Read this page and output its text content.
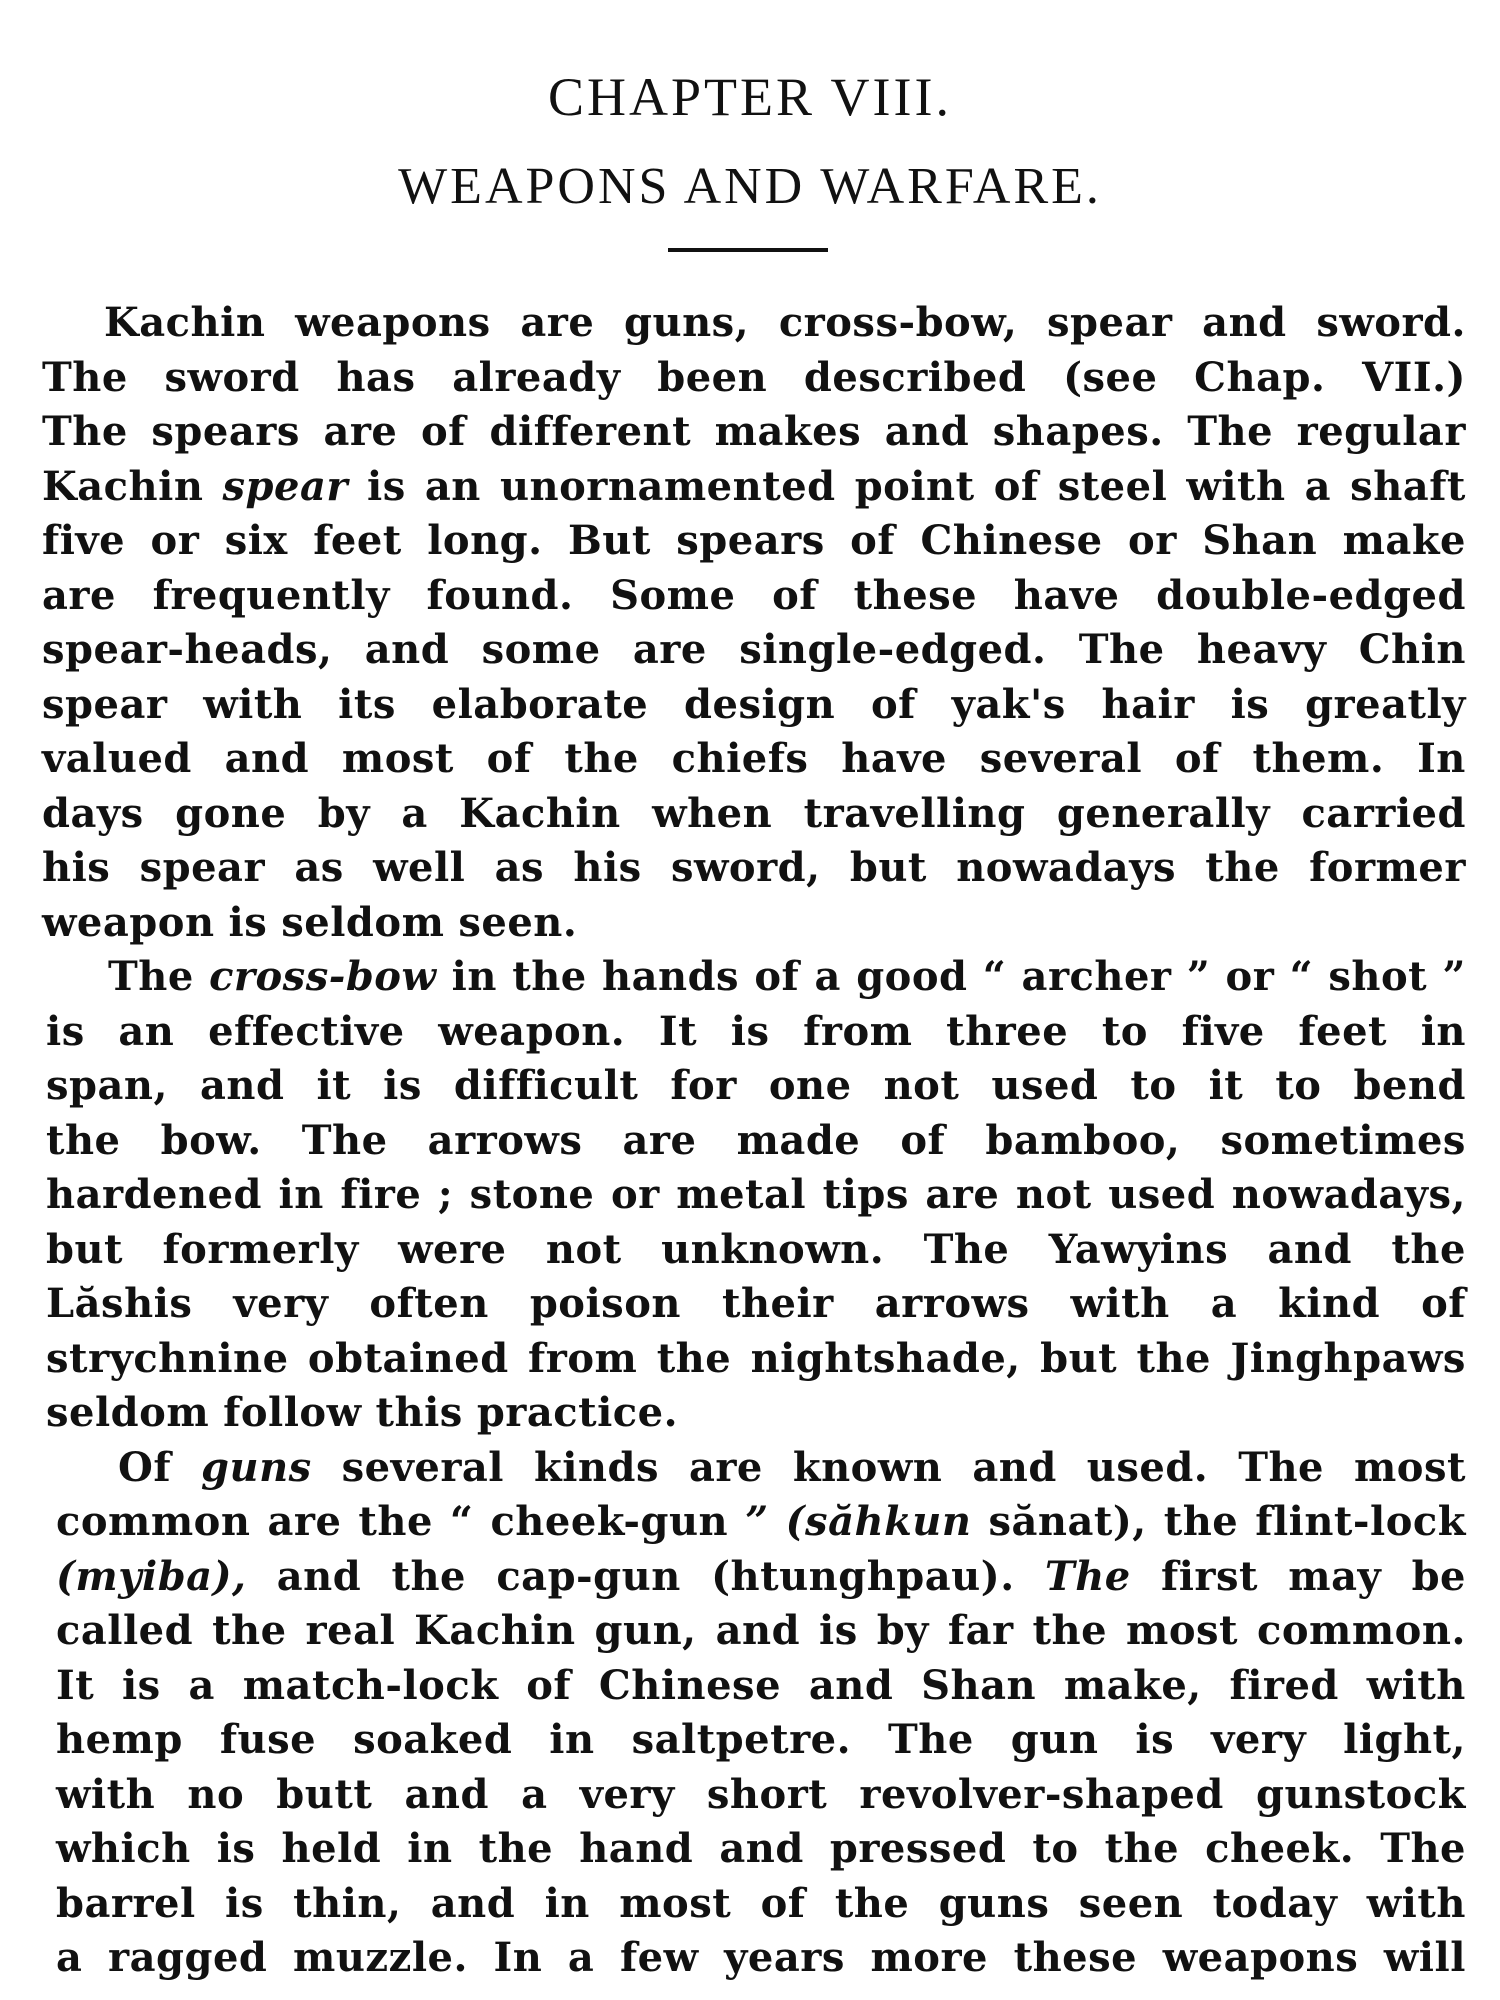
CHAPTER VIII.
WEAPONS AND WARFARE.
Kachin weapons are guns, cross-bow, spear and sword.
The sword has already been described (see Chap. VII.)
The spears are of different makes and shapes. The regular
Kachin spear is an unornamented point of steel with a shaft
five or six feet long. But spears of Chinese or Shan make
are frequently found. Some of these have double-edged
spear-heads, and some are single-edged. The heavy Chin
spear with its elaborate design of yak's hair is greatly
valued and most of the chiefs have several of them. In
days gone by a Kachin when travelling generally carried
his spear as well as his sword, but nowadays the former
weapon is seldom seen.
The cross-bow in the hands of a good “ archer ” or “ shot ”
is an effective weapon. It is from three to five feet in
span, and it is difficult for one not used to it to bend
the bow. The arrows are made of bamboo, sometimes
hardened in fire ; stone or metal tips are not used nowadays,
but formerly were not unknown. The Yawyins and the
Lăshis very often poison their arrows with a kind of
strychnine obtained from the nightshade, but the Jinghpaws
seldom follow this practice.
Of guns several kinds are known and used. The most
common are the “ cheek-gun ” (săhkun sănat), the flint-lock
(myiba), and the cap-gun (htunghpau). The first may be
called the real Kachin gun, and is by far the most common.
It is a match-lock of Chinese and Shan make, fired with
hemp fuse soaked in saltpetre. The gun is very light,
with no butt and a very short revolver-shaped gunstock
which is held in the hand and pressed to the cheek. The
barrel is thin, and in most of the guns seen today with
a ragged muzzle. In a few years more these weapons will
